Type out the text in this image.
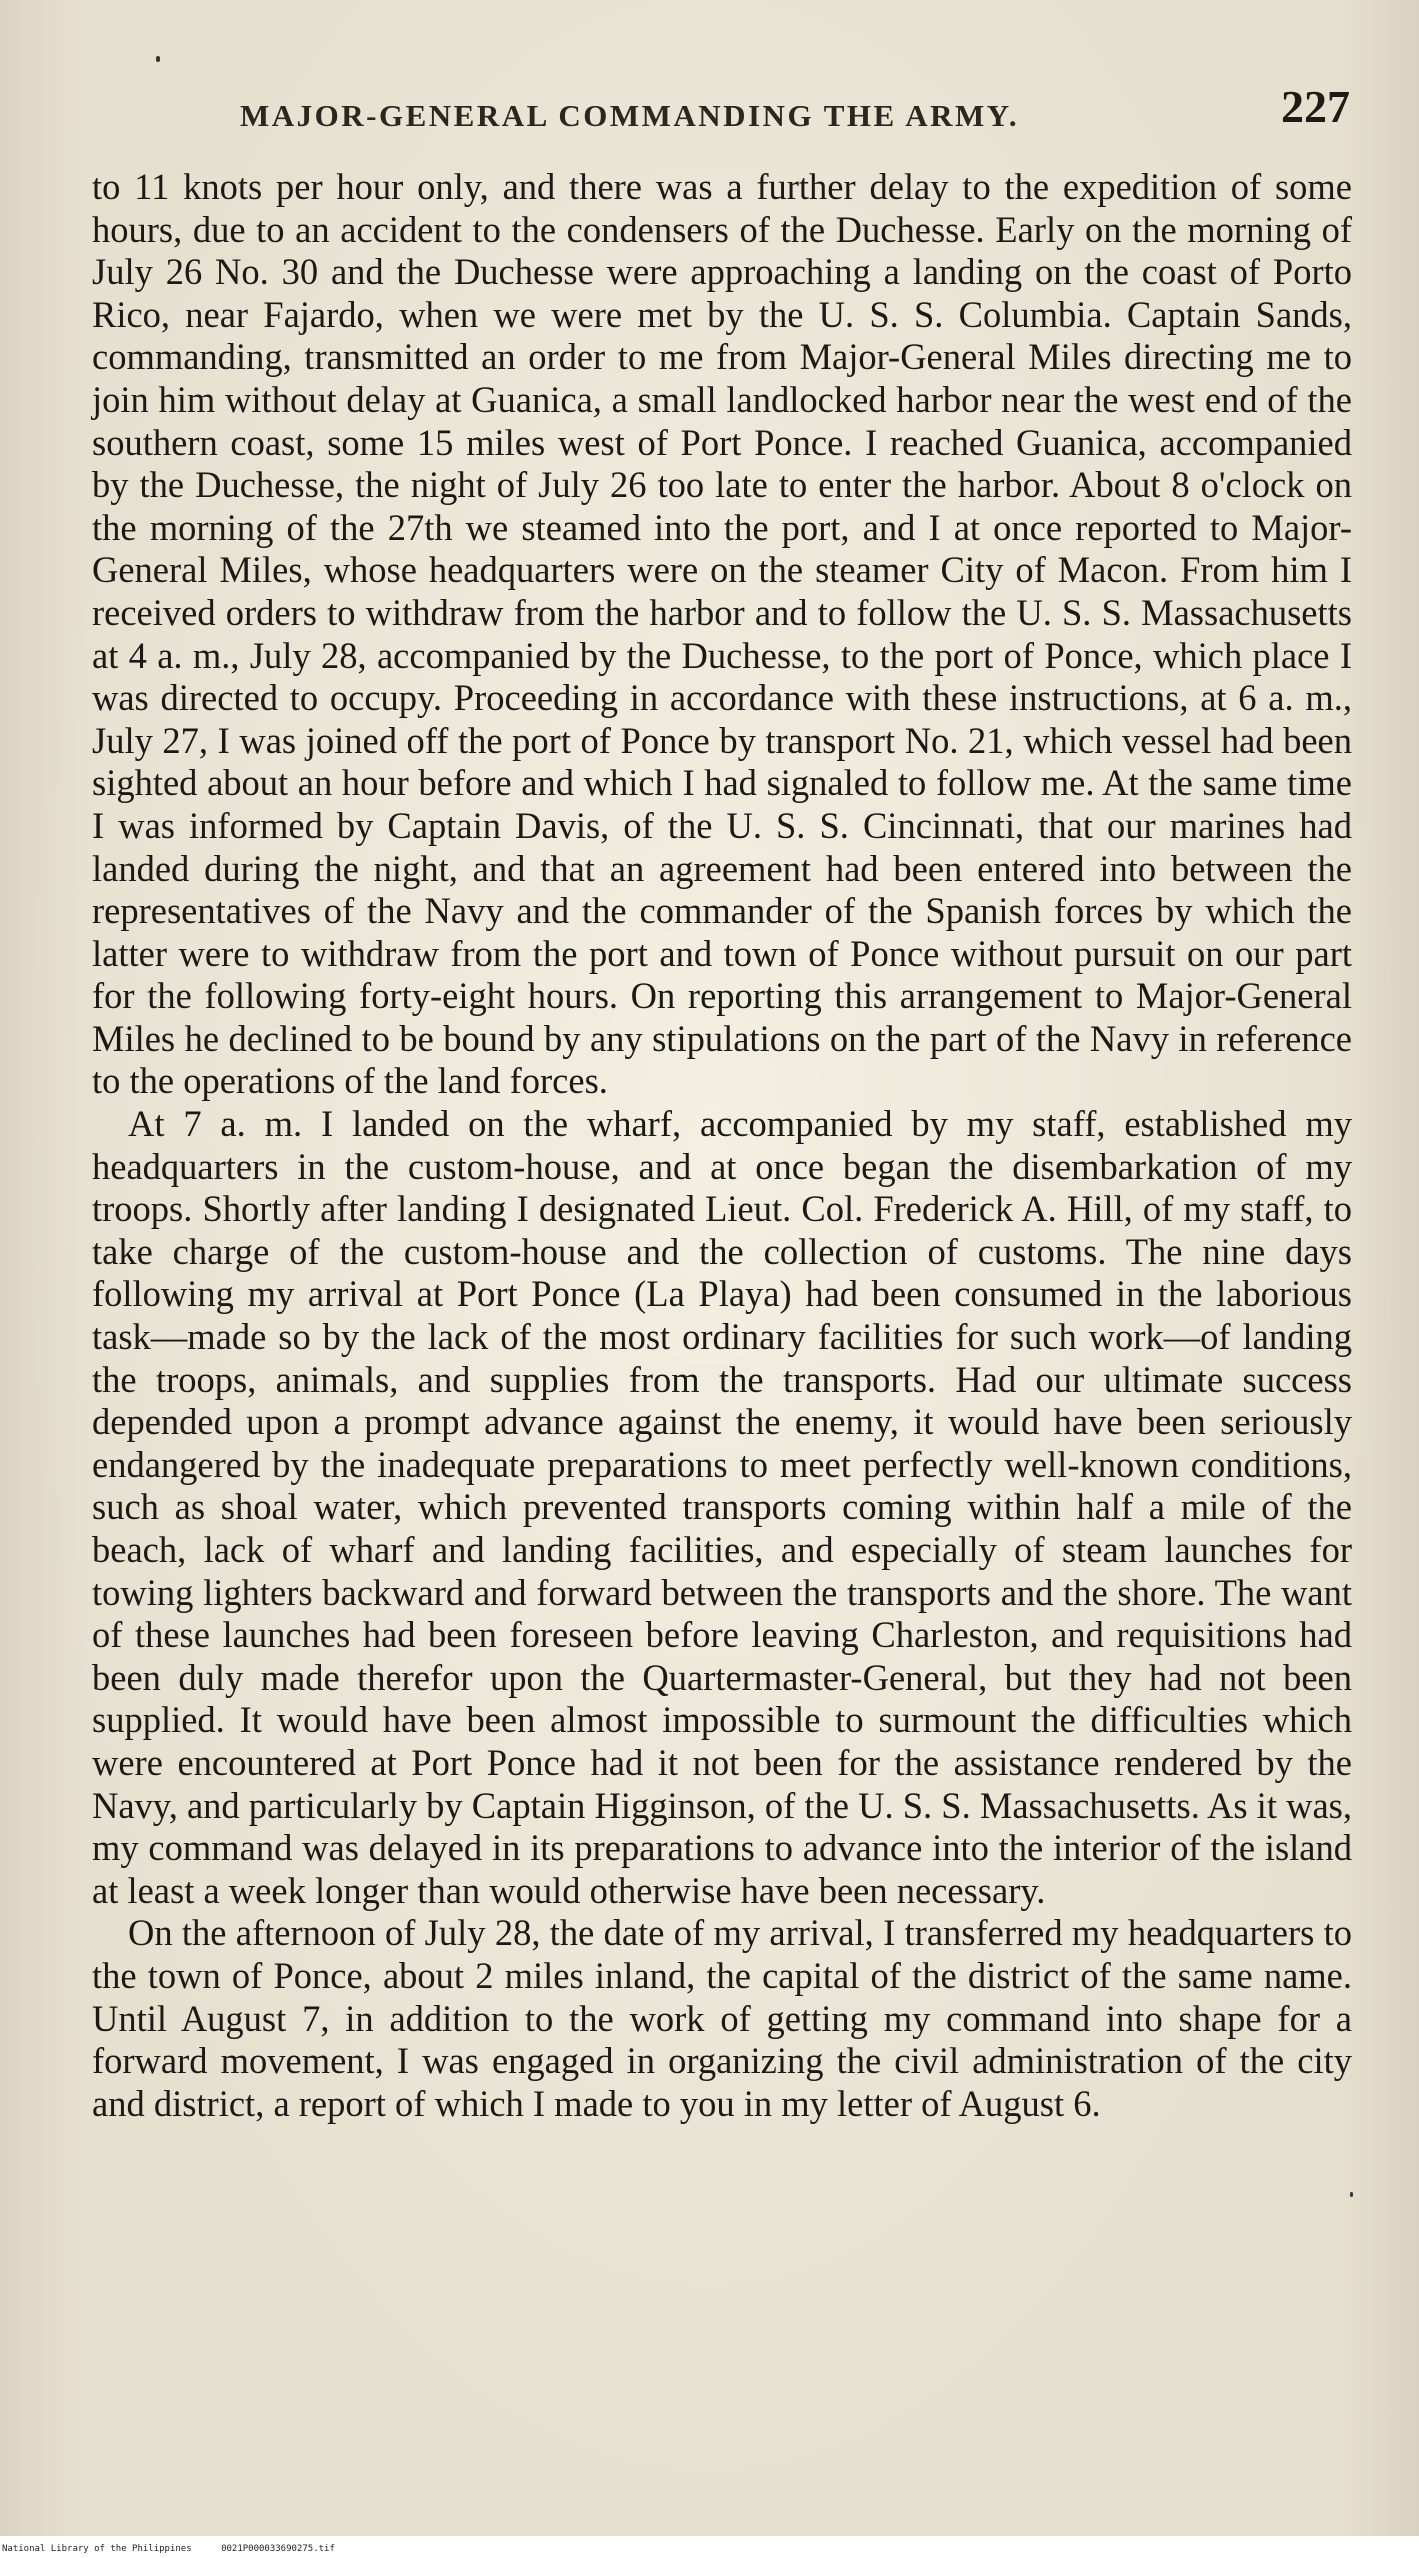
MAJOR-GENERAL COMMANDING THE ARMY.	227

to 11 knots per hour only, and there was a further delay to the expedition of some hours, due to an accident to the condensers of the Duchesse. Early on the morning of July 26 No. 30 and the Duchesse were approaching a landing on the coast of Porto Rico, near Fajardo, when we were met by the U. S. S. Columbia. Captain Sands, commanding, transmitted an order to me from Major-General Miles directing me to join him without delay at Guanica, a small landlocked harbor near the west end of the southern coast, some 15 miles west of Port Ponce. I reached Guanica, accompanied by the Duchesse, the night of July 26 too late to enter the harbor. About 8 o'clock on the morning of the 27th we steamed into the port, and I at once reported to Major-General Miles, whose headquarters were on the steamer City of Macon. From him I received orders to withdraw from the harbor and to follow the U. S. S. Massachusetts at 4 a. m., July 28, accompanied by the Duchesse, to the port of Ponce, which place I was directed to occupy. Proceeding in accordance with these instructions, at 6 a. m., July 27, I was joined off the port of Ponce by transport No. 21, which vessel had been sighted about an hour before and which I had signaled to follow me. At the same time I was informed by Captain Davis, of the U. S. S. Cincinnati, that our marines had landed during the night, and that an agreement had been entered into between the representatives of the Navy and the commander of the Spanish forces by which the latter were to withdraw from the port and town of Ponce without pursuit on our part for the following forty-eight hours. On reporting this arrangement to Major-General Miles he declined to be bound by any stipulations on the part of the Navy in reference to the operations of the land forces.

At 7 a. m. I landed on the wharf, accompanied by my staff, established my headquarters in the custom-house, and at once began the disembarkation of my troops. Shortly after landing I designated Lieut. Col. Frederick A. Hill, of my staff, to take charge of the custom-house and the collection of customs. The nine days following my arrival at Port Ponce (La Playa) had been consumed in the laborious task—made so by the lack of the most ordinary facilities for such work—of landing the troops, animals, and supplies from the transports. Had our ultimate success depended upon a prompt advance against the enemy, it would have been seriously endangered by the inadequate preparations to meet perfectly well-known conditions, such as shoal water, which prevented transports coming within half a mile of the beach, lack of wharf and landing facilities, and especially of steam launches for towing lighters backward and forward between the transports and the shore. The want of these launches had been foreseen before leaving Charleston, and requisitions had been duly made therefor upon the Quartermaster-General, but they had not been supplied. It would have been almost impossible to surmount the difficulties which were encountered at Port Ponce had it not been for the assistance rendered by the Navy, and particularly by Captain Higginson, of the U. S. S. Massachusetts. As it was, my command was delayed in its preparations to advance into the interior of the island at least a week longer than would otherwise have been necessary.

On the afternoon of July 28, the date of my arrival, I transferred my headquarters to the town of Ponce, about 2 miles inland, the capital of the district of the same name. Until August 7, in addition to the work of getting my command into shape for a forward movement, I was engaged in organizing the civil administration of the city and district, a report of which I made to you in my letter of August 6.

National Library of the Philippines	0021P000033690275.tif
